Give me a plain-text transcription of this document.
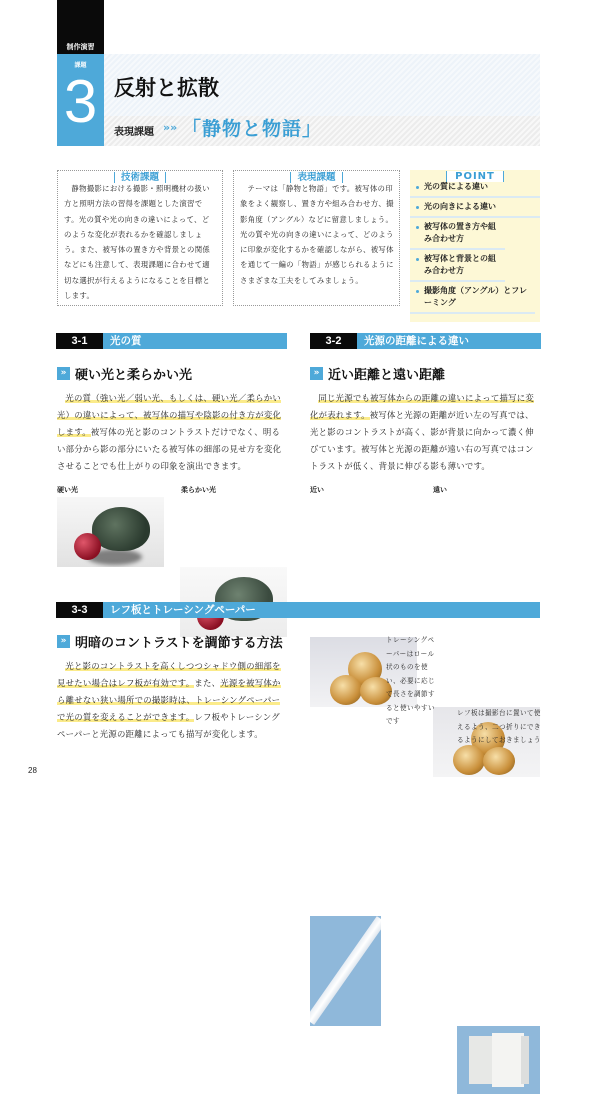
制作演習
課題
3 反射と拡散
表現課題 »» 「静物と物語」
技術課題
静物撮影における撮影・照明機材の扱い方と照明方法の習得を課題とした演習です。光の質や光の向きの違いによって、どのような変化が表れるかを確認しましょう。また、被写体の置き方や背景との関係などにも注意して、表現課題に合わせて適切な選択が行えるようになることを目標とします。
表現課題
テーマは「静物と物語」です。被写体の印象をよく観察し、置き方や組み合わせ方、撮影角度（アングル）などに留意しましょう。光の質や光の向きの違いによって、どのように印象が変化するかを確認しながら、被写体を通じて一編の「物語」が感じられるようにさまざまな工夫をしてみましょう。
POINT
光の質による違い
光の向きによる違い
被写体の置き方や組み合わせ方
被写体と背景との組み合わせ方
撮影角度（アングル）とフレーミング
3-1	光の質
» 硬い光と柔らかい光
光の質（強い光／弱い光、もしくは、硬い光／柔らかい光）の違いによって、被写体の描写や陰影の付き方が変化します。被写体の光と影のコントラストだけでなく、明るい部分から影の部分にいたる被写体の細部の見せ方を変化させることでも仕上がりの印象を演出できます。
硬い光	柔らかい光
3-2	光源の距離による違い
» 近い距離と遠い距離
同じ光源でも被写体からの距離の違いによって描写に変化が表れます。被写体と光源の距離が近い左の写真では、光と影のコントラストが高く、影が背景に向かって濃く伸びています。被写体と光源の距離が遠い右の写真ではコントラストが低く、背景に伸びる影も薄いです。
近い	遠い
3-3	レフ板とトレーシングペーパー
» 明暗のコントラストを調節する方法
光と影のコントラストを高くしつつシャドウ側の細部を見せたい場合はレフ板が有効です。また、光源を被写体から離せない狭い場所での撮影時は、トレーシングペーパーで光の質を変えることができます。レフ板やトレーシングペーパーと光源の距離によっても描写が変化します。
トレーシングペーパーはロール状のものを使い、必要に応じて長さを調節すると使いやすいです
レフ板は撮影台に置いて使えるよう、二つ折りにできるようにしておきましょう
28
